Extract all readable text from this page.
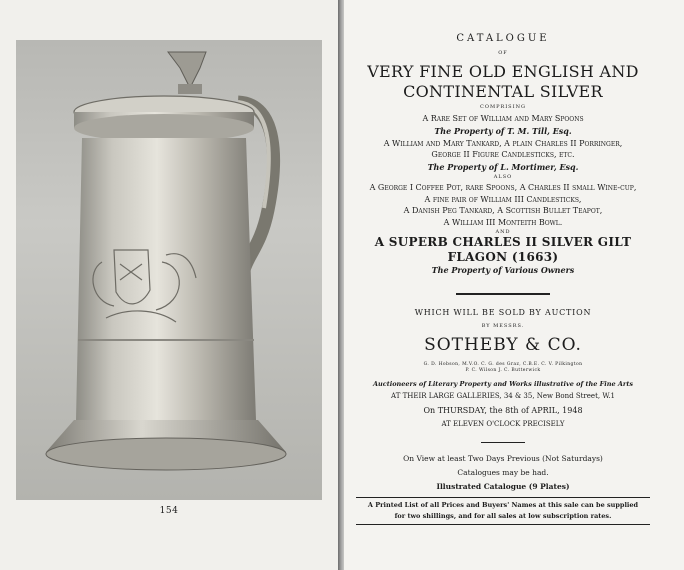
154
CATALOGUE
OF
VERY FINE OLD ENGLISH AND
CONTINENTAL SILVER
COMPRISING
A Rare Set of William and Mary Spoons
The Property of T. M. Till, Esq.
A William and Mary Tankard, A plain Charles II Porringer,
George II Figure Candlesticks, etc.
The Property of L. Mortimer, Esq.
ALSO
A George I Coffee Pot, rare Spoons, A Charles II small Wine-cup,
A fine pair of William III Candlesticks,
A Danish Peg Tankard, A Scottish Bullet Teapot,
A William III Monteith Bowl.
AND
A SUPERB CHARLES II SILVER GILT
FLAGON (1663)
The Property of Various Owners
WHICH WILL BE SOLD BY AUCTION
BY MESSRS.
SOTHEBY & CO.
G. D. Hobson, M.V.O. C. G. des Graz, C.B.E. C. V. Pilkington
P. C. Wilson J. C. Butterwick
Auctioneers of Literary Property and Works illustrative of the Fine Arts
AT THEIR LARGE GALLERIES, 34 & 35, New Bond Street, W.1
On THURSDAY, the 8th of APRIL, 1948
AT ELEVEN O'CLOCK PRECISELY
On View at least Two Days Previous (Not Saturdays)
Catalogues may be had.
Illustrated Catalogue (9 Plates)
A Printed List of all Prices and Buyers' Names at this sale can be supplied
for two shillings, and for all sales at low subscription rates.
